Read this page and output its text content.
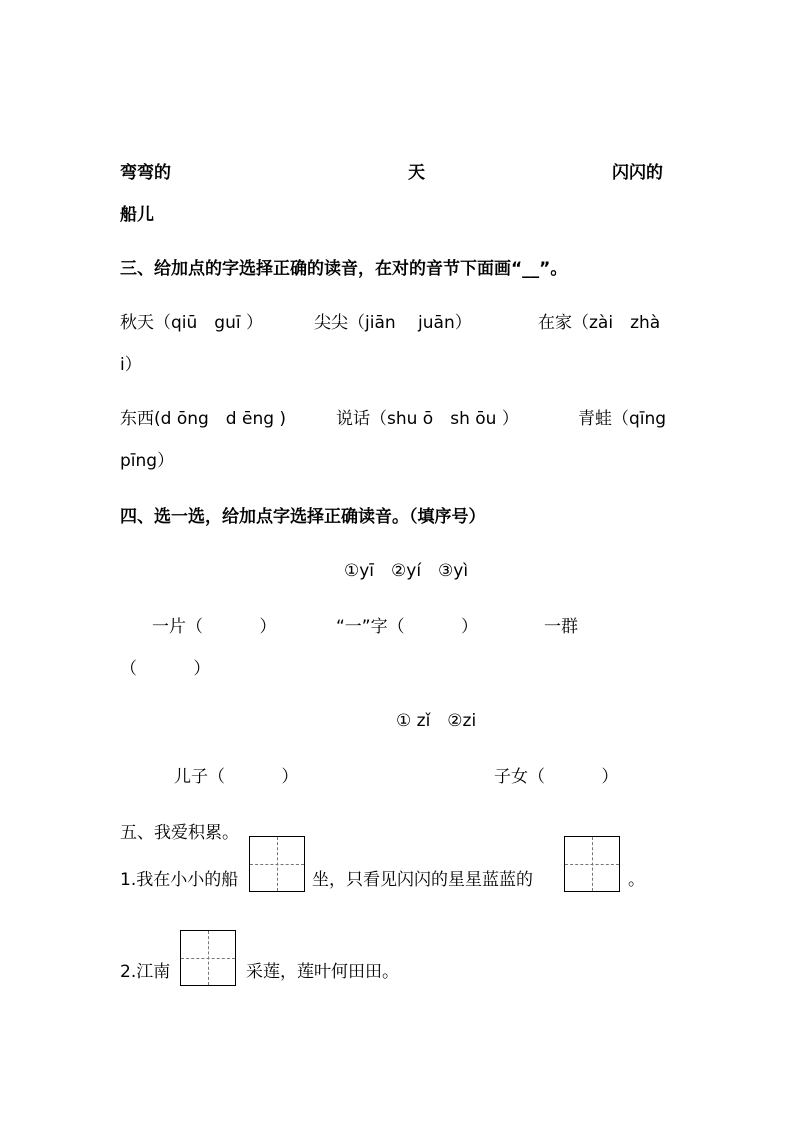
弯弯的	天	闪闪的
船儿
三、给加点的字选择正确的读音，在对的音节下面画“__”。
秋天（qiū　guī ）	尖尖（jiān　 juān）	在家（zài　zhà
i）
东西(d ōng　d ēng )	说话（shu ō　sh ōu ）	青蛙（qīng
pīng）
四、选一选，给加点字选择正确读音。（填序号）
①yī　②yí　③yì
一片（　　　 ）	“一”字（　　　 ）	一群
（　　　 ）
① zǐ　②zi
儿子（　　　 ）	子女（　　　 ）
五、我爱积累。
1.我在小小的船	坐，只看见闪闪的星星蓝蓝的	。
2.江南	采莲，莲叶何田田。
